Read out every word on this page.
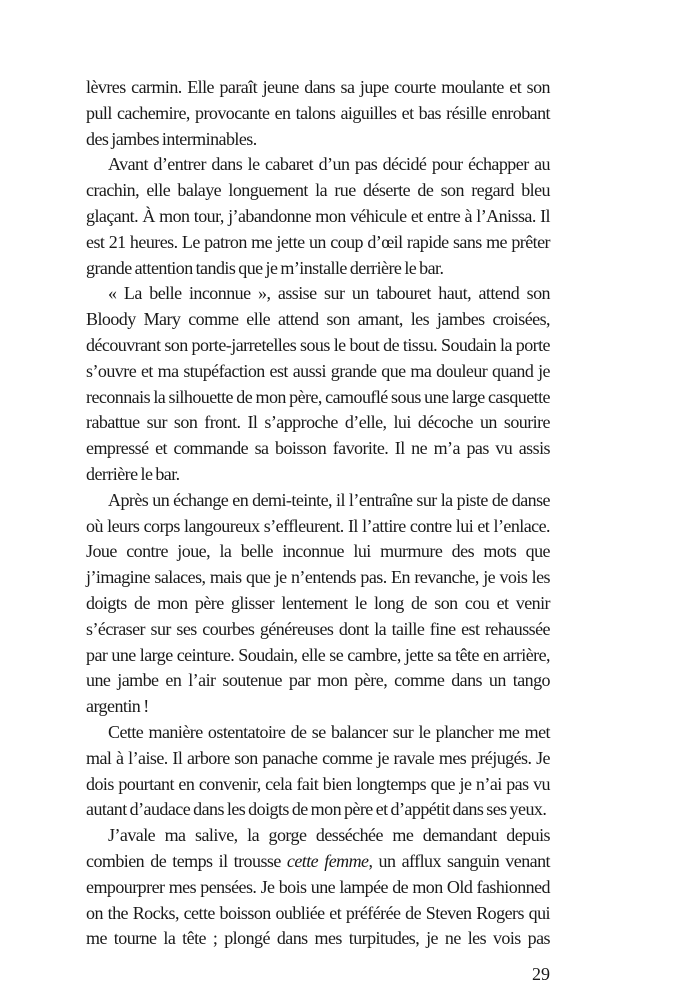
lèvres carmin. Elle paraît jeune dans sa jupe courte moulante et son
pull cachemire, provocante en talons aiguilles et bas résille enrobant
des jambes interminables.
Avant d’entrer dans le cabaret d’un pas décidé pour échapper au
crachin, elle balaye longuement la rue déserte de son regard bleu
glaçant. À mon tour, j’abandonne mon véhicule et entre à l’Anissa. Il
est 21 heures. Le patron me jette un coup d’œil rapide sans me prêter
grande attention tandis que je m’installe derrière le bar.
« La belle inconnue », assise sur un tabouret haut, attend son
Bloody Mary comme elle attend son amant, les jambes croisées,
découvrant son porte-jarretelles sous le bout de tissu. Soudain la porte
s’ouvre et ma stupéfaction est aussi grande que ma douleur quand je
reconnais la silhouette de mon père, camouflé sous une large casquette
rabattue sur son front. Il s’approche d’elle, lui décoche un sourire
empressé et commande sa boisson favorite. Il ne m’a pas vu assis
derrière le bar.
Après un échange en demi-teinte, il l’entraîne sur la piste de danse
où leurs corps langoureux s’effleurent. Il l’attire contre lui et l’enlace.
Joue contre joue, la belle inconnue lui murmure des mots que
j’imagine salaces, mais que je n’entends pas. En revanche, je vois les
doigts de mon père glisser lentement le long de son cou et venir
s’écraser sur ses courbes généreuses dont la taille fine est rehaussée
par une large ceinture. Soudain, elle se cambre, jette sa tête en arrière,
une jambe en l’air soutenue par mon père, comme dans un tango
argentin !
Cette manière ostentatoire de se balancer sur le plancher me met
mal à l’aise. Il arbore son panache comme je ravale mes préjugés. Je
dois pourtant en convenir, cela fait bien longtemps que je n’ai pas vu
autant d’audace dans les doigts de mon père et d’appétit dans ses yeux.
J’avale ma salive, la gorge desséchée me demandant depuis
combien de temps il trousse cette femme, un afflux sanguin venant
empourprer mes pensées. Je bois une lampée de mon Old fashionned
on the Rocks, cette boisson oubliée et préférée de Steven Rogers qui
me tourne la tête ; plongé dans mes turpitudes, je ne les vois pas
29
